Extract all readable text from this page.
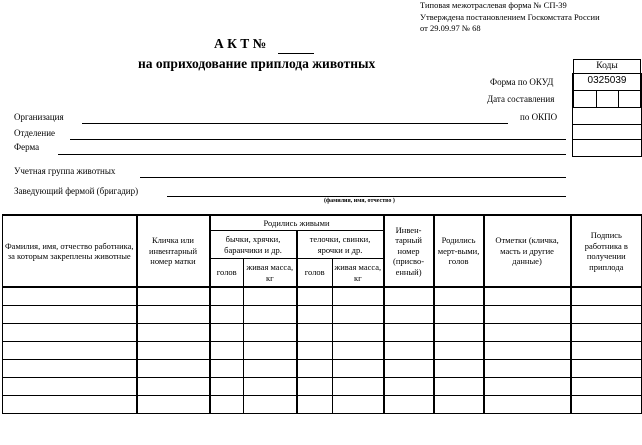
Типовая межотраслевая форма № СП-39
Утверждена постановлением Госкомстата России
от 29.09.97 № 68
А К Т №
на оприходование приплода животных	Коды
0325039
Форма по ОКУД
Дата составления
по ОКПО
Организация
Отделение
Ферма
Учетная группа животных
Заведующий фермой (бригадир)
(фамилия, имя, отчество )
Фамилия, имя, отчество работника, за которым закреплены животные	Кличка или инвентарный номер матки	Родились живыми				Инвен-тарный номер (присво-енный)	Родились мерт-выми, голов	Отметки (кличка, масть и другие данные)	Подпись работника в получении приплода
		бычки, хрячки, баранчики и др.		телочки, свинки, ярочки и др.					
		голов	живая масса, кг	голов	живая масса, кг				
